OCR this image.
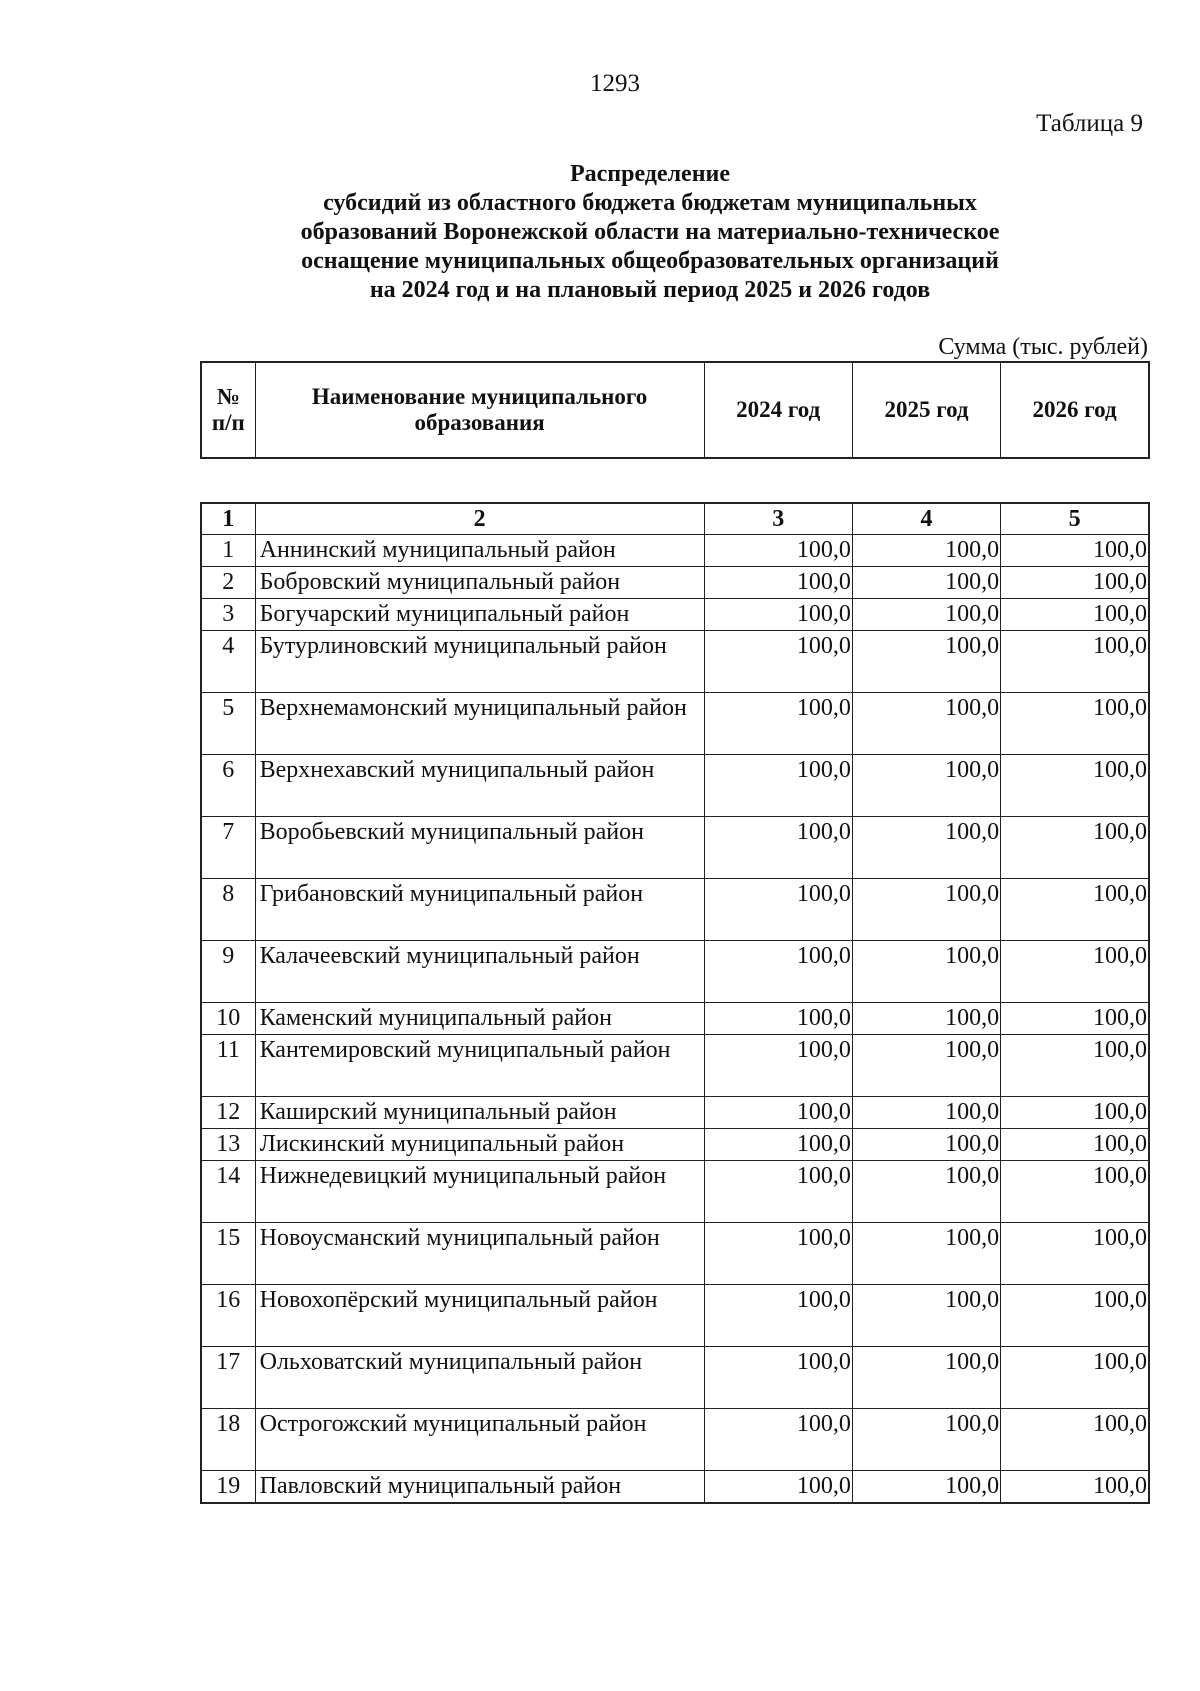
1293
Таблица 9
Распределение
субсидий из областного бюджета бюджетам муниципальных
образований Воронежской области на материально-техническое
оснащение муниципальных общеобразовательных организаций
на 2024 год и на плановый период 2025 и 2026 годов
Сумма (тыс. рублей)
№ п/п	Наименование муниципального образования	2024 год	2025 год	2026 год
1	2	3	4	5
1	Аннинский муниципальный район	100,0	100,0	100,0
2	Бобровский муниципальный район	100,0	100,0	100,0
3	Богучарский муниципальный район	100,0	100,0	100,0
4	Бутурлиновский муниципальный район	100,0	100,0	100,0
5	Верхнемамонский муниципальный район	100,0	100,0	100,0
6	Верхнехавский муниципальный район	100,0	100,0	100,0
7	Воробьевский муниципальный район	100,0	100,0	100,0
8	Грибановский муниципальный район	100,0	100,0	100,0
9	Калачеевский муниципальный район	100,0	100,0	100,0
10	Каменский муниципальный район	100,0	100,0	100,0
11	Кантемировский муниципальный район	100,0	100,0	100,0
12	Каширский муниципальный район	100,0	100,0	100,0
13	Лискинский муниципальный район	100,0	100,0	100,0
14	Нижнедевицкий муниципальный район	100,0	100,0	100,0
15	Новоусманский муниципальный район	100,0	100,0	100,0
16	Новохопёрский муниципальный район	100,0	100,0	100,0
17	Ольховатский муниципальный район	100,0	100,0	100,0
18	Острогожский муниципальный район	100,0	100,0	100,0
19	Павловский муниципальный район	100,0	100,0	100,0
